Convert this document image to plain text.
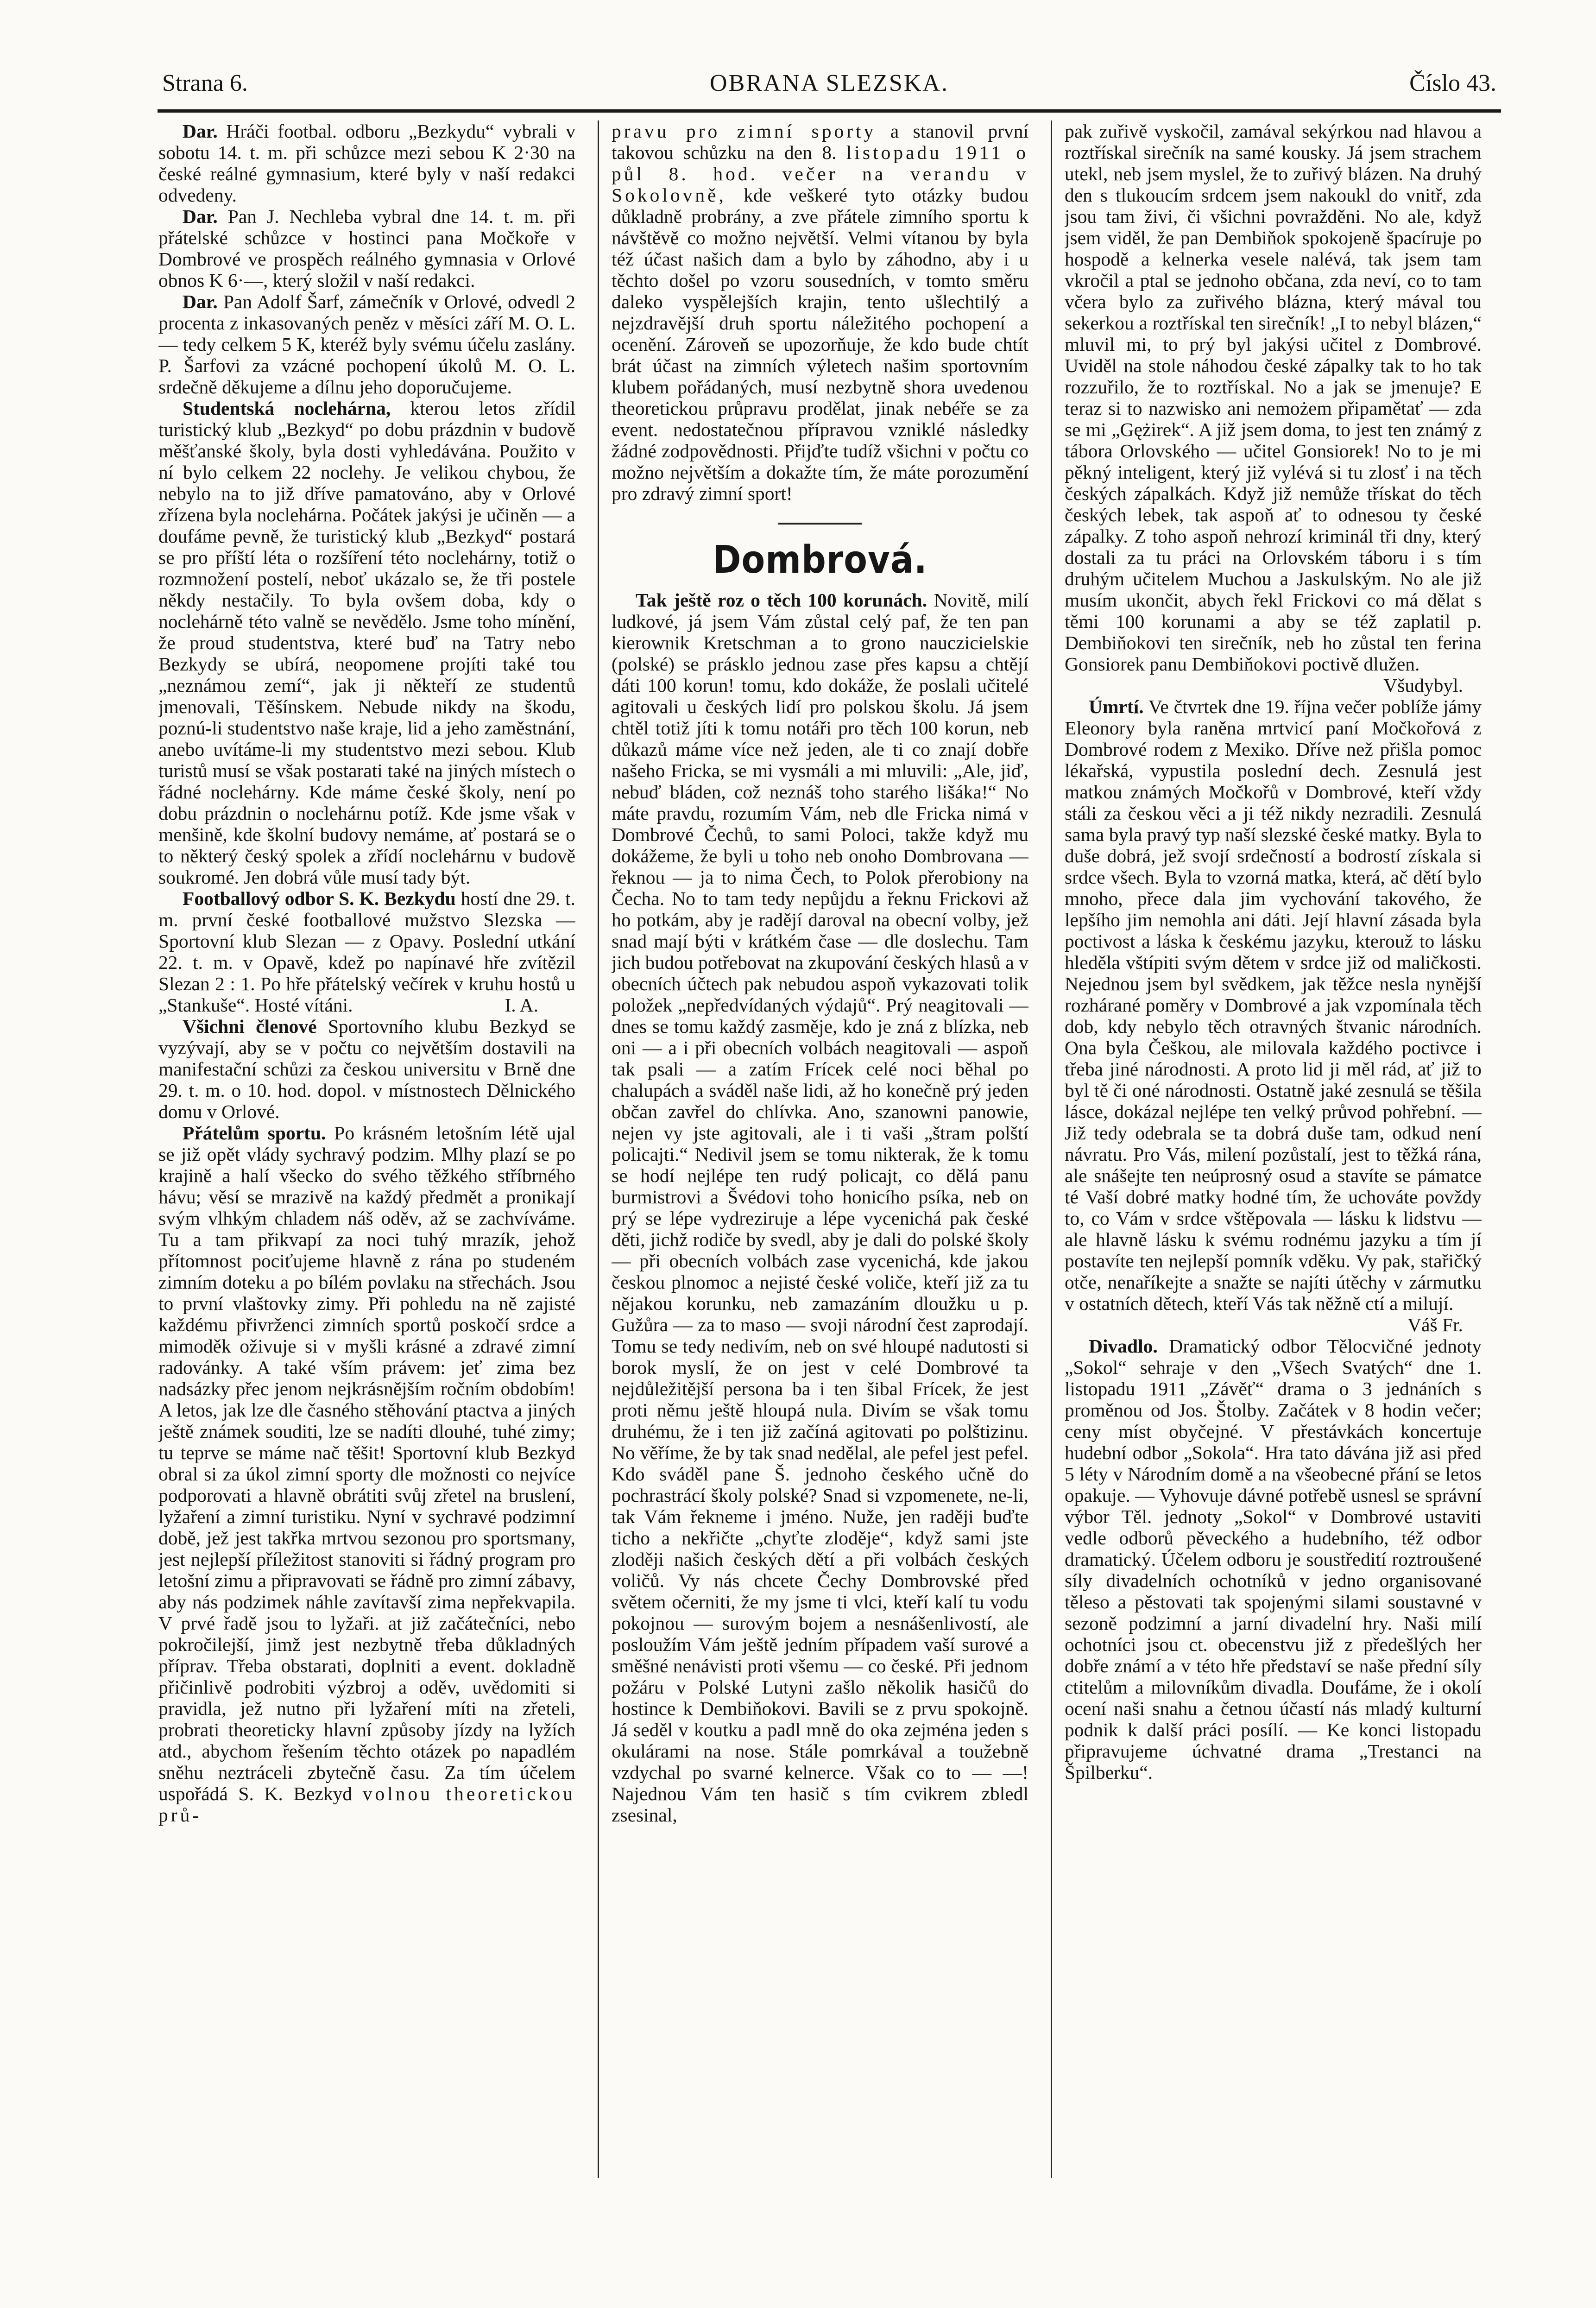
Strana 6.	OBRANA SLEZSKA.	Číslo 43.

Dar. Hráči footbal. odboru „Bezkydu“ vybrali v sobotu 14. t. m. při schůzce mezi sebou K 2·30 na české reálné gymnasium, které byly v naší redakci odvedeny.

Dar. Pan J. Nechleba vybral dne 14. t. m. při přátelské schůzce v hostinci pana Močkoře v Dombrové ve prospěch reálného gymnasia v Orlové obnos K 6·—, který složil v naší redakci.

Dar. Pan Adolf Šarf, zámečník v Orlové, odvedl 2 procenta z inkasovaných peněz v měsíci září M. O. L. — tedy celkem 5 K, kteréž byly svému účelu zaslány. P. Šarfovi za vzácné pochopení úkolů M. O. L. srdečně děkujeme a dílnu jeho doporučujeme.

Studentská noclehárna, kterou letos zřídil turistický klub „Bezkyd“ po dobu prázdnin v budově měšťanské školy, byla dosti vyhledávána. Použito v ní bylo celkem 22 noclehy. Je velikou chybou, že nebylo na to již dříve pamatováno, aby v Orlové zřízena byla noclehárna. Počátek jakýsi je učiněn — a doufáme pevně, že turistický klub „Bezkyd“ postará se pro příští léta o rozšíření této noclehárny, totiž o rozmnožení postelí, neboť ukázalo se, že tři postele někdy nestačily. To byla ovšem doba, kdy o noclehárně této valně se nevědělo. Jsme toho mínění, že proud studentstva, které buď na Tatry nebo Bezkydy se ubírá, neopomene projíti také tou „neznámou zemí“, jak ji někteří ze studentů jmenovali, Těšínskem. Nebude nikdy na škodu, poznú-li studentstvo naše kraje, lid a jeho zaměstnání, anebo uvítáme-li my studentstvo mezi sebou. Klub turistů musí se však postarati také na jiných místech o řádné noclehárny. Kde máme české školy, není po dobu prázdnin o noclehárnu potíž. Kde jsme však v menšině, kde školní budovy nemáme, ať postará se o to některý český spolek a zřídí noclehárnu v budově soukromé. Jen dobrá vůle musí tady být.

Footballový odbor S. K. Bezkydu hostí dne 29. t. m. první české footballové mužstvo Slezska — Sportovní klub Slezan — z Opavy. Poslední utkání 22. t. m. v Opavě, kdež po napínavé hře zvítězil Slezan 2 : 1. Po hře přátelský večírek v kruhu hostů u „Stankuše“. Hosté vítáni.	I. A.

Všichni členové Sportovního klubu Bezkyd se vyzývají, aby se v počtu co největším dostavili na manifestační schůzi za českou universitu v Brně dne 29. t. m. o 10. hod. dopol. v místnostech Dělnického domu v Orlové.

Přátelům sportu. Po krásném letošním létě ujal se již opět vlády sychravý podzim. Mlhy plazí se po krajině a halí všecko do svého těžkého stříbrného hávu; věsí se mrazivě na každý předmět a pronikají svým vlhkým chladem náš oděv, až se zachvíváme. Tu a tam přikvapí za noci tuhý mrazík, jehož přítomnost pociťujeme hlavně z rána po studeném zimním doteku a po bílém povlaku na střechách. Jsou to první vlaštovky zimy. Při pohledu na ně zajisté každému přivrženci zimních sportů poskočí srdce a mimoděk oživuje si v myšli krásné a zdravé zimní radovánky. A také vším právem: jeť zima bez nadsázky přec jenom nejkrásnějším ročním obdobím! A letos, jak lze dle časného stěhování ptactva a jiných ještě známek souditi, lze se nadíti dlouhé, tuhé zimy; tu teprve se máme nač těšit! Sportovní klub Bezkyd obral si za úkol zimní sporty dle možnosti co nejvíce podporovati a hlavně obrátiti svůj zřetel na bruslení, lyžaření a zimní turistiku. Nyní v sychravé podzimní době, jež jest takřka mrtvou sezonou pro sportsmany, jest nejlepší příležitost stanoviti si řádný program pro letošní zimu a připravovati se řádně pro zimní zábavy, aby nás podzimek náhle zavítavší zima nepřekvapila. V prvé řadě jsou to lyžaři. at již začátečníci, nebo pokročilejší, jimž jest nezbytně třeba důkladných příprav. Třeba obstarati, doplniti a event. dokladně přičinlivě podrobiti výzbroj a oděv, uvědomiti si pravidla, jež nutno při lyžaření míti na zřeteli, probrati theoreticky hlavní způsoby jízdy na lyžích atd., abychom řešením těchto otázek po napadlém sněhu neztráceli zbytečně času. Za tím účelem uspořádá S. K. Bezkyd volnou theoretickou prů-

pravu pro zimní sporty a stanovil první takovou schůzku na den 8. listopadu 1911 o půl 8. hod. večer na verandu v Sokolovně, kde veškeré tyto otázky budou důkladně probrány, a zve přátele zimního sportu k návštěvě co možno největší. Velmi vítanou by byla též účast našich dam a bylo by záhodno, aby i u těchto došel po vzoru sousedních, v tomto směru daleko vyspělejších krajin, tento ušlechtilý a nejzdravější druh sportu náležitého pochopení a ocenění. Zároveň se upozorňuje, že kdo bude chtít brát účast na zimních výletech našim sportovním klubem pořádaných, musí nezbytně shora uvedenou theoretickou průpravu prodělat, jinak nebéře se za event. nedostatečnou přípravou vzniklé následky žádné zodpovědnosti. Přijďte tudíž všichni v počtu co možno největším a dokažte tím, že máte porozumění pro zdravý zimní sport!

Dombrová.

Tak ještě roz o těch 100 korunách. Novitě, milí ludkové, já jsem Vám zůstal celý paf, že ten pan kierownik Kretschman a to grono nauczicielskie (polské) se prásklo jednou zase přes kapsu a chtějí dáti 100 korun! tomu, kdo dokáže, že poslali učitelé agitovali u českých lidí pro polskou školu. Já jsem chtěl totiž jíti k tomu notáři pro těch 100 korun, neb důkazů máme více než jeden, ale ti co znají dobře našeho Fricka, se mi vysmáli a mi mluvili: „Ale, jiď, nebuď bláden, což neznáš toho starého lišáka!“ No máte pravdu, rozumím Vám, neb dle Fricka nimá v Dombrové Čechů, to sami Poloci, takže když mu dokážeme, že byli u toho neb onoho Dombrovana — řeknou — ja to nima Čech, to Polok přerobiony na Čecha. No to tam tedy nepůjdu a řeknu Frickovi až ho potkám, aby je radějí daroval na obecní volby, jež snad mají býti v krátkém čase — dle doslechu. Tam jich budou potřebovat na zkupování českých hlasů a v obecních účtech pak nebudou aspoň vykazovati tolik položek „nepředvídaných výdajů“. Prý neagitovali — dnes se tomu každý zasměje, kdo je zná z blízka, neb oni — a i při obecních volbách neagitovali — aspoň tak psali — a zatím Frícek celé noci běhal po chalupách a sváděl naše lidi, až ho konečně prý jeden občan zavřel do chlívka. Ano, szanowni panowie, nejen vy jste agitovali, ale i ti vaši „štram polští policajti.“ Nedivil jsem se tomu nikterak, že k tomu se hodí nejlépe ten rudý policajt, co dělá panu burmistrovi a Švédovi toho honicího psíka, neb on prý se lépe vydreziruje a lépe vycenichá pak české děti, jichž rodiče by svedl, aby je dali do polské školy — při obecních volbách zase vycenichá, kde jakou českou plnomoc a nejisté české voliče, kteří již za tu nějakou korunku, neb zamazáním dloužku u p. Gužůra — za to maso — svoji národní čest zaprodají. Tomu se tedy nedivím, neb on své hloupé nadutosti si borok myslí, že on jest v celé Dombrové ta nejdůležitější persona ba i ten šibal Frícek, že jest proti němu ještě hloupá nula. Divím se však tomu druhému, že i ten již začíná agitovati po polštizinu. No věříme, že by tak snad nedělal, ale pefel jest pefel. Kdo sváděl pane Š. jednoho českého učně do pochrastrácí školy polské? Snad si vzpomenete, ne-li, tak Vám řekneme i jméno. Nuže, jen raději buďte ticho a nekřičte „chyťte zloděje“, když sami jste zloději našich českých dětí a při volbách českých voličů. Vy nás chcete Čechy Dombrovské před světem očerniti, že my jsme ti vlci, kteří kalí tu vodu pokojnou — surovým bojem a nesnášenlivostí, ale posloužím Vám ještě jedním případem vaší surové a směšné nenávisti proti všemu — co české. Při jednom požáru v Polské Lutyni zašlo několik hasičů do hostince k Dembiňokovi. Bavili se z prvu spokojně. Já seděl v koutku a padl mně do oka zejména jeden s okulárami na nose. Stále pomrkával a toužebně vzdychal po svarné kelnerce. Však co to — —! Najednou Vám ten hasič s tím cvikrem zbledl zsesinal,

pak zuřivě vyskočil, zamával sekýrkou nad hlavou a roztřískal sirečník na samé kousky. Já jsem strachem utekl, neb jsem myslel, že to zuřivý blázen. Na druhý den s tlukoucím srdcem jsem nakoukl do vnitř, zda jsou tam živi, či všichni povražděni. No ale, když jsem viděl, že pan Dembiňok spokojeně špacíruje po hospodě a kelnerka vesele nalévá, tak jsem tam vkročil a ptal se jednoho občana, zda neví, co to tam včera bylo za zuřivého blázna, který mával tou sekerkou a roztřískal ten sirečník! „I to nebyl blázen,“ mluvil mi, to prý byl jakýsi učitel z Dombrové. Uviděl na stole náhodou české zápalky tak to ho tak rozzuřilo, že to roztřískal. No a jak se jmenuje? E teraz si to nazwisko ani nemożem připamětať — zda se mi „Gężirek“. A již jsem doma, to jest ten známý z tábora Orlovského — učitel Gonsiorek! No to je mi pěkný inteligent, který již vylévá si tu zlosť i na těch českých zápalkách. Když již nemůže třískat do těch českých lebek, tak aspoň ať to odnesou ty české zápalky. Z toho aspoň nehrozí kriminál tři dny, který dostali za tu práci na Orlovském táboru i s tím druhým učitelem Muchou a Jaskulským. No ale již musím ukončit, abych řekl Frickovi co má dělat s těmi 100 korunami a aby se též zaplatil p. Dembiňokovi ten sirečník, neb ho zůstal ten ferina Gonsiorek panu Dembiňokovi poctivě dlužen.

Všudybyl.

Úmrtí. Ve čtvrtek dne 19. října večer poblíže jámy Eleonory byla raněna mrtvicí paní Močkořová z Dombrové rodem z Mexiko. Dříve než přišla pomoc lékařská, vypustila poslední dech. Zesnulá jest matkou známých Močkořů v Dombrové, kteří vždy stáli za českou věci a ji též nikdy nezradili. Zesnulá sama byla pravý typ naší slezské české matky. Byla to duše dobrá, jež svojí srdečností a bodrostí získala si srdce všech. Byla to vzorná matka, která, ač dětí bylo mnoho, přece dala jim vychování takového, že lepšího jim nemohla ani dáti. Její hlavní zásada byla poctivost a láska k českému jazyku, kterouž to lásku hleděla vštípiti svým dětem v srdce již od maličkosti. Nejednou jsem byl svědkem, jak těžce nesla nynější rozhárané poměry v Dombrové a jak vzpomínala těch dob, kdy nebylo těch otravných štvanic národních. Ona byla Češkou, ale milovala každého poctivce i třeba jiné národnosti. A proto lid ji měl rád, ať již to byl tě či oné národnosti. Ostatně jaké zesnulá se těšila lásce, dokázal nejlépe ten velký průvod pohřební. — Již tedy odebrala se ta dobrá duše tam, odkud není návratu. Pro Vás, milení pozůstalí, jest to těžká rána, ale snášejte ten neúprosný osud a stavíte se pámatce té Vaší dobré matky hodné tím, že uchováte povždy to, co Vám v srdce vštěpovala — lásku k lidstvu — ale hlavně lásku k svému rodnému jazyku a tím jí postavíte ten nejlepší pomník vděku. Vy pak, stařičký otče, nenaříkejte a snažte se najíti útěchy v zármutku v ostatních dětech, kteří Vás tak něžně ctí a milují.

Váš Fr.

Divadlo. Dramatický odbor Tělocvičné jednoty „Sokol“ sehraje v den „Všech Svatých“ dne 1. listopadu 1911 „Závěť“ drama o 3 jednáních s proměnou od Jos. Štolby. Začátek v 8 hodin večer; ceny míst obyčejné. V přestávkách koncertuje hudební odbor „Sokola“. Hra tato dávána již asi před 5 léty v Národním domě a na všeobecné přání se letos opakuje. — Vyhovuje dávné potřebě usnesl se správní výbor Těl. jednoty „Sokol“ v Dombrové ustaviti vedle odborů pěveckého a hudebního, též odbor dramatický. Účelem odboru je soustředití roztroušené síly divadelních ochotníků v jedno organisované těleso a pěstovati tak spojenými silami soustavné v sezoně podzimní a jarní divadelní hry. Naši milí ochotníci jsou ct. obecenstvu již z předešlých her dobře známí a v této hře představí se naše přední síly ctitelům a milovníkům divadla. Doufáme, že i okolí ocení naši snahu a četnou účastí nás mladý kulturní podnik k další práci posílí. — Ke konci listopadu připravujeme úchvatné drama „Trestanci na Špilberku“.
